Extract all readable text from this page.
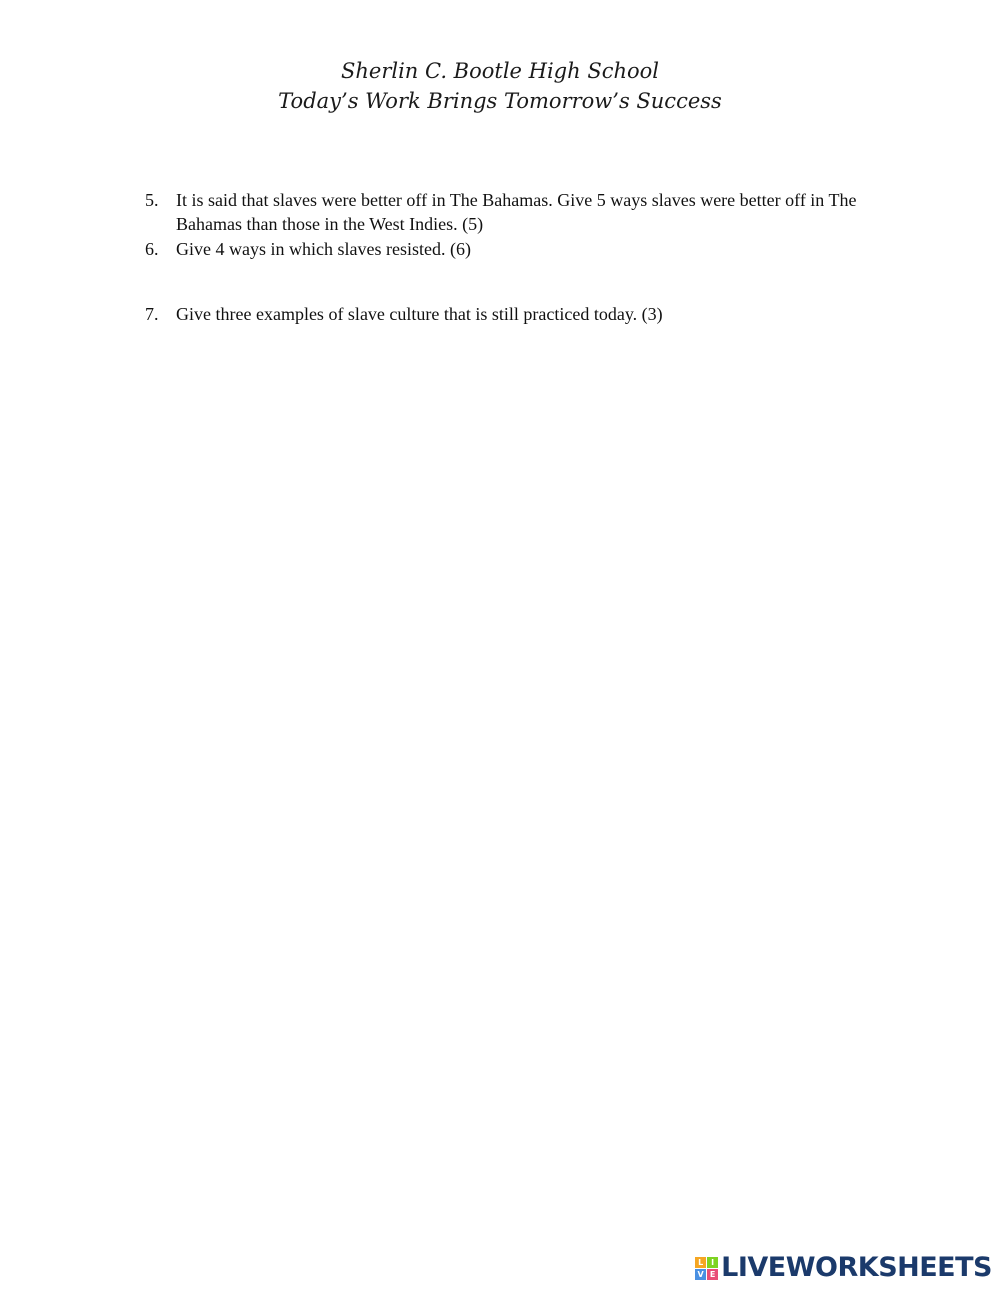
Sherlin C. Bootle High School
Today’s Work Brings Tomorrow’s Success
5. It is said that slaves were better off in The Bahamas. Give 5 ways slaves were better off in The Bahamas than those in the West Indies. (5)
6. Give 4 ways in which slaves resisted. (6)
7. Give three examples of slave culture that is still practiced today. (3)
L I
V E LIVEWORKSHEETS
